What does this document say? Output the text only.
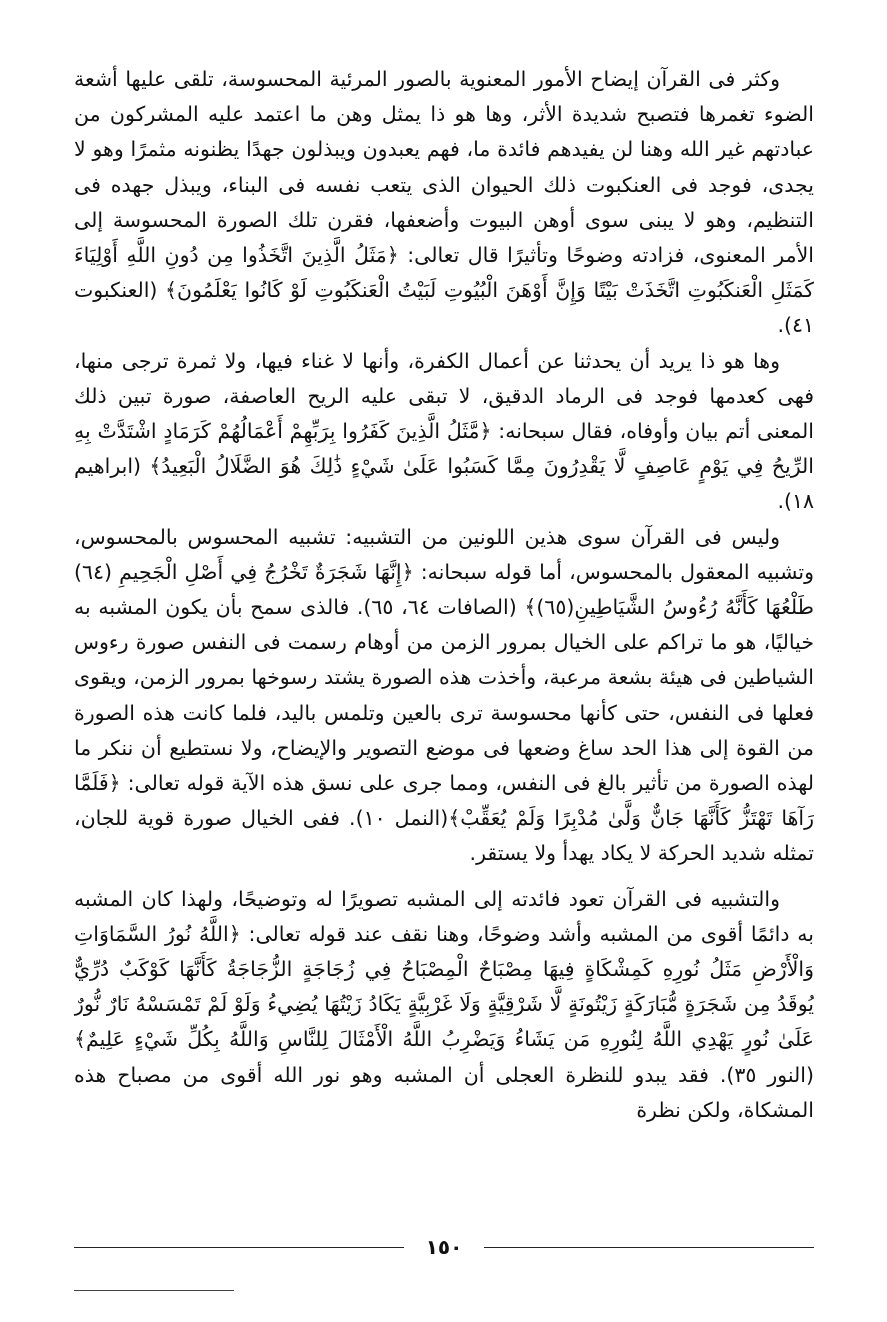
وكثر فى القرآن إيضاح الأمور المعنوية بالصور المرئية المحسوسة، تلقى عليها أشعة الضوء تغمرها فتصبح شديدة الأثر، وها هو ذا يمثل وهن ما اعتمد عليه المشركون من عبادتهم غير الله وهنا لن يفيدهم فائدة ما، فهم يعبدون ويبذلون جهدًا يظنونه مثمرًا وهو لا يجدى، فوجد فى العنكبوت ذلك الحيوان الذى يتعب نفسه فى البناء، ويبذل جهده فى التنظيم، وهو لا يبنى سوى أوهن البيوت وأضعفها، فقرن تلك الصورة المحسوسة إلى الأمر المعنوى، فزادته وضوحًا وتأثيرًا قال تعالى: ﴿مَثَلُ الَّذِينَ اتَّخَذُوا مِن دُونِ اللَّهِ أَوْلِيَاءَ كَمَثَلِ الْعَنكَبُوتِ اتَّخَذَتْ بَيْتًا وَإِنَّ أَوْهَنَ الْبُيُوتِ لَبَيْتُ الْعَنكَبُوتِ لَوْ كَانُوا يَعْلَمُونَ﴾ (العنكبوت ٤١).

وها هو ذا يريد أن يحدثنا عن أعمال الكفرة، وأنها لا غناء فيها، ولا ثمرة ترجى منها، فهى كعدمها فوجد فى الرماد الدقيق، لا تبقى عليه الريح العاصفة، صورة تبين ذلك المعنى أتم بيان وأوفاه، فقال سبحانه: ﴿مَّثَلُ الَّذِينَ كَفَرُوا بِرَبِّهِمْ أَعْمَالُهُمْ كَرَمَادٍ اشْتَدَّتْ بِهِ الرِّيحُ فِي يَوْمٍ عَاصِفٍ لَّا يَقْدِرُونَ مِمَّا كَسَبُوا عَلَىٰ شَيْءٍ ذَٰلِكَ هُوَ الضَّلَالُ الْبَعِيدُ﴾ (ابراهيم ١٨).

وليس فى القرآن سوى هذين اللونين من التشبيه: تشبيه المحسوس بالمحسوس، وتشبيه المعقول بالمحسوس، أما قوله سبحانه: ﴿إِنَّهَا شَجَرَةٌ تَخْرُجُ فِي أَصْلِ الْجَحِيمِ (٦٤) طَلْعُهَا كَأَنَّهُ رُءُوسُ الشَّيَاطِينِ(٦٥)﴾ (الصافات ٦٤، ٦٥). فالذى سمح بأن يكون المشبه به خياليًا، هو ما تراكم على الخيال بمرور الزمن من أوهام رسمت فى النفس صورة رءوس الشياطين فى هيئة بشعة مرعبة، وأخذت هذه الصورة يشتد رسوخها بمرور الزمن، ويقوى فعلها فى النفس، حتى كأنها محسوسة ترى بالعين وتلمس باليد، فلما كانت هذه الصورة من القوة إلى هذا الحد ساغ وضعها فى موضع التصوير والإيضاح، ولا نستطيع أن ننكر ما لهذه الصورة من تأثير بالغ فى النفس، ومما جرى على نسق هذه الآية قوله تعالى: ﴿فَلَمَّا رَآهَا تَهْتَزُّ كَأَنَّهَا جَانٌّ وَلَّىٰ مُدْبِرًا وَلَمْ يُعَقِّبْ﴾(النمل ١٠). ففى الخيال صورة قوية للجان، تمثله شديد الحركة لا يكاد يهدأ ولا يستقر.

والتشبيه فى القرآن تعود فائدته إلى المشبه تصويرًا له وتوضيحًا، ولهذا كان المشبه به دائمًا أقوى من المشبه وأشد وضوحًا، وهنا نقف عند قوله تعالى: ﴿اللَّهُ نُورُ السَّمَاوَاتِ وَالْأَرْضِ مَثَلُ نُورِهِ كَمِشْكَاةٍ فِيهَا مِصْبَاحٌ الْمِصْبَاحُ فِي زُجَاجَةٍ الزُّجَاجَةُ كَأَنَّهَا كَوْكَبٌ دُرِّيٌّ يُوقَدُ مِن شَجَرَةٍ مُّبَارَكَةٍ زَيْتُونَةٍ لَّا شَرْقِيَّةٍ وَلَا غَرْبِيَّةٍ يَكَادُ زَيْتُهَا يُضِيءُ وَلَوْ لَمْ تَمْسَسْهُ نَارٌ نُّورٌ عَلَىٰ نُورٍ يَهْدِي اللَّهُ لِنُورِهِ مَن يَشَاءُ وَيَضْرِبُ اللَّهُ الْأَمْثَالَ لِلنَّاسِ وَاللَّهُ بِكُلِّ شَيْءٍ عَلِيمٌ﴾(النور ٣٥). فقد يبدو للنظرة العجلى أن المشبه وهو نور الله أقوى من مصباح هذه المشكاة، ولكن نظرة

١٥٠
